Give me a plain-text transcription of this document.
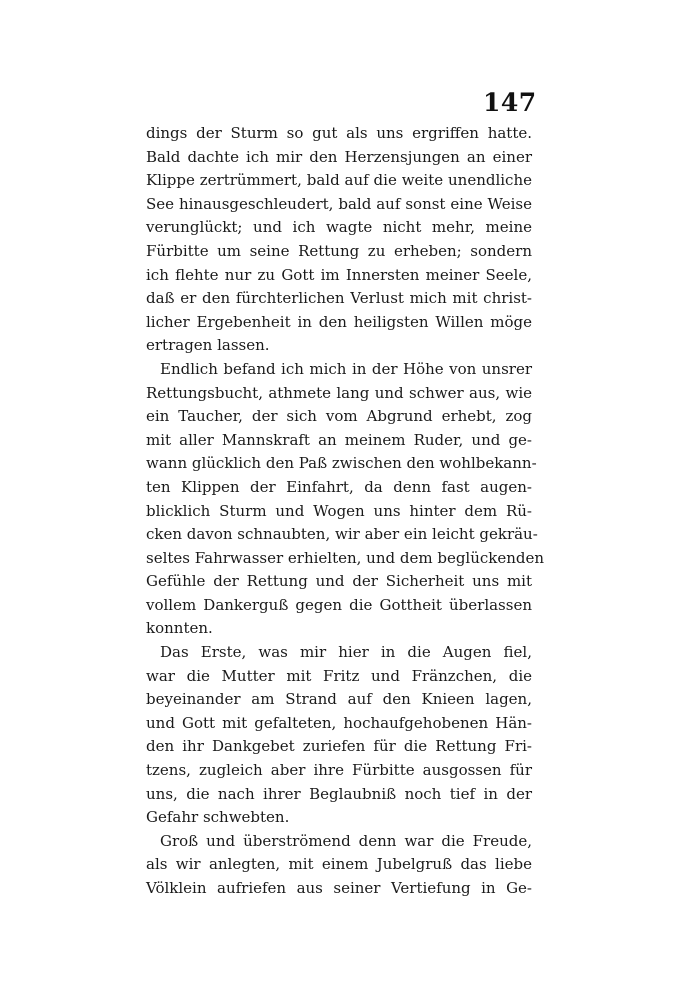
147

dings der Sturm so gut als uns ergriffen hatte.

Bald dachte ich mir den Herzensjungen an einer

Klippe zertrümmert, bald auf die weite unendliche

See hinausgeschleudert, bald auf sonst eine Weise

verunglückt; und ich wagte nicht mehr, meine

Fürbitte um seine Rettung zu erheben; sondern

ich flehte nur zu Gott im Innersten meiner Seele,

daß er den fürchterlichen Verlust mich mit christ-

licher Ergebenheit in den heiligsten Willen möge

ertragen lassen.

Endlich befand ich mich in der Höhe von unsrer

Rettungsbucht, athmete lang und schwer aus, wie

ein Taucher, der sich vom Abgrund erhebt, zog

mit aller Mannskraft an meinem Ruder, und ge-

wann glücklich den Paß zwischen den wohlbekann-

ten Klippen der Einfahrt, da denn fast augen-

blicklich Sturm und Wogen uns hinter dem Rü-

cken davon schnaubten, wir aber ein leicht gekräu-

seltes Fahrwasser erhielten, und dem beglückenden

Gefühle der Rettung und der Sicherheit uns mit

vollem Dankerguß gegen die Gottheit überlassen

konnten.

Das Erste, was mir hier in die Augen fiel,

war die Mutter mit Fritz und Fränzchen, die

beyeinander am Strand auf den Knieen lagen,

und Gott mit gefalteten, hochaufgehobenen Hän-

den ihr Dankgebet zuriefen für die Rettung Fri-

tzens, zugleich aber ihre Fürbitte ausgossen für

uns, die nach ihrer Beglaubniß noch tief in der

Gefahr schwebten.

Groß und überströmend denn war die Freude,

als wir anlegten, mit einem Jubelgruß das liebe

Völklein aufriefen aus seiner Vertiefung in Ge-
